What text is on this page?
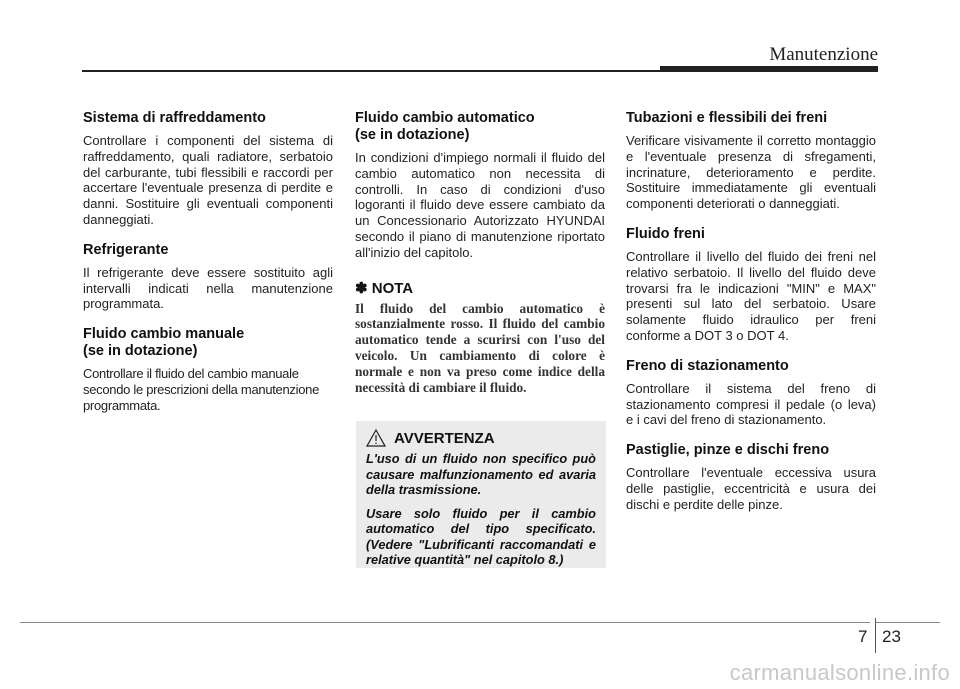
Manutenzione
Sistema di raffreddamento

Controllare i componenti del sistema di raffreddamento, quali radiatore, serbatoio del carburante, tubi flessibili e raccordi per accertare l'eventuale presenza di perdite e danni. Sostituire gli eventuali componenti danneggiati.

Refrigerante

Il refrigerante deve essere sostituito agli intervalli indicati nella manutenzione programmata.

Fluido cambio manuale
(se in dotazione)

Controllare il fluido del cambio manuale secondo le prescrizioni della manutenzione programmata.

Fluido cambio automatico
(se in dotazione)

In condizioni d'impiego normali il fluido del cambio automatico non necessita di controlli. In caso di condizioni d'uso logoranti il fluido deve essere cambiato da un Concessionario Autorizzato HYUNDAI secondo il piano di manutenzione riportato all'inizio del capitolo.

✽ NOTA

Il fluido del cambio automatico è sostanzialmente rosso. Il fluido del cambio automatico tende a scurirsi con l'uso del veicolo. Un cambiamento di colore è normale e non va preso come indice della necessità di cambiare il fluido.

AVVERTENZA

L'uso di un fluido non specifico può causare malfunzionamento ed avaria della trasmissione.

Usare solo fluido per il cambio automatico del tipo specificato. (Vedere "Lubrificanti raccomandati e relative quantità" nel capitolo 8.)

Tubazioni e flessibili dei freni

Verificare visivamente il corretto montaggio e l'eventuale presenza di sfregamenti, incrinature, deterioramento e perdite. Sostituire immediatamente gli eventuali componenti deteriorati o danneggiati.

Fluido freni

Controllare il livello del fluido dei freni nel relativo serbatoio. Il livello del fluido deve trovarsi fra le indicazioni "MIN" e MAX" presenti sul lato del serbatoio. Usare solamente fluido idraulico per freni conforme a DOT 3 o DOT 4.

Freno di stazionamento

Controllare il sistema del freno di stazionamento compresi il pedale (o leva) e i cavi del freno di stazionamento.

Pastiglie, pinze e dischi freno

Controllare l'eventuale eccessiva usura delle pastiglie, eccentricità e usura dei dischi e perdite delle pinze.

7 23
carmanualsonline.info
